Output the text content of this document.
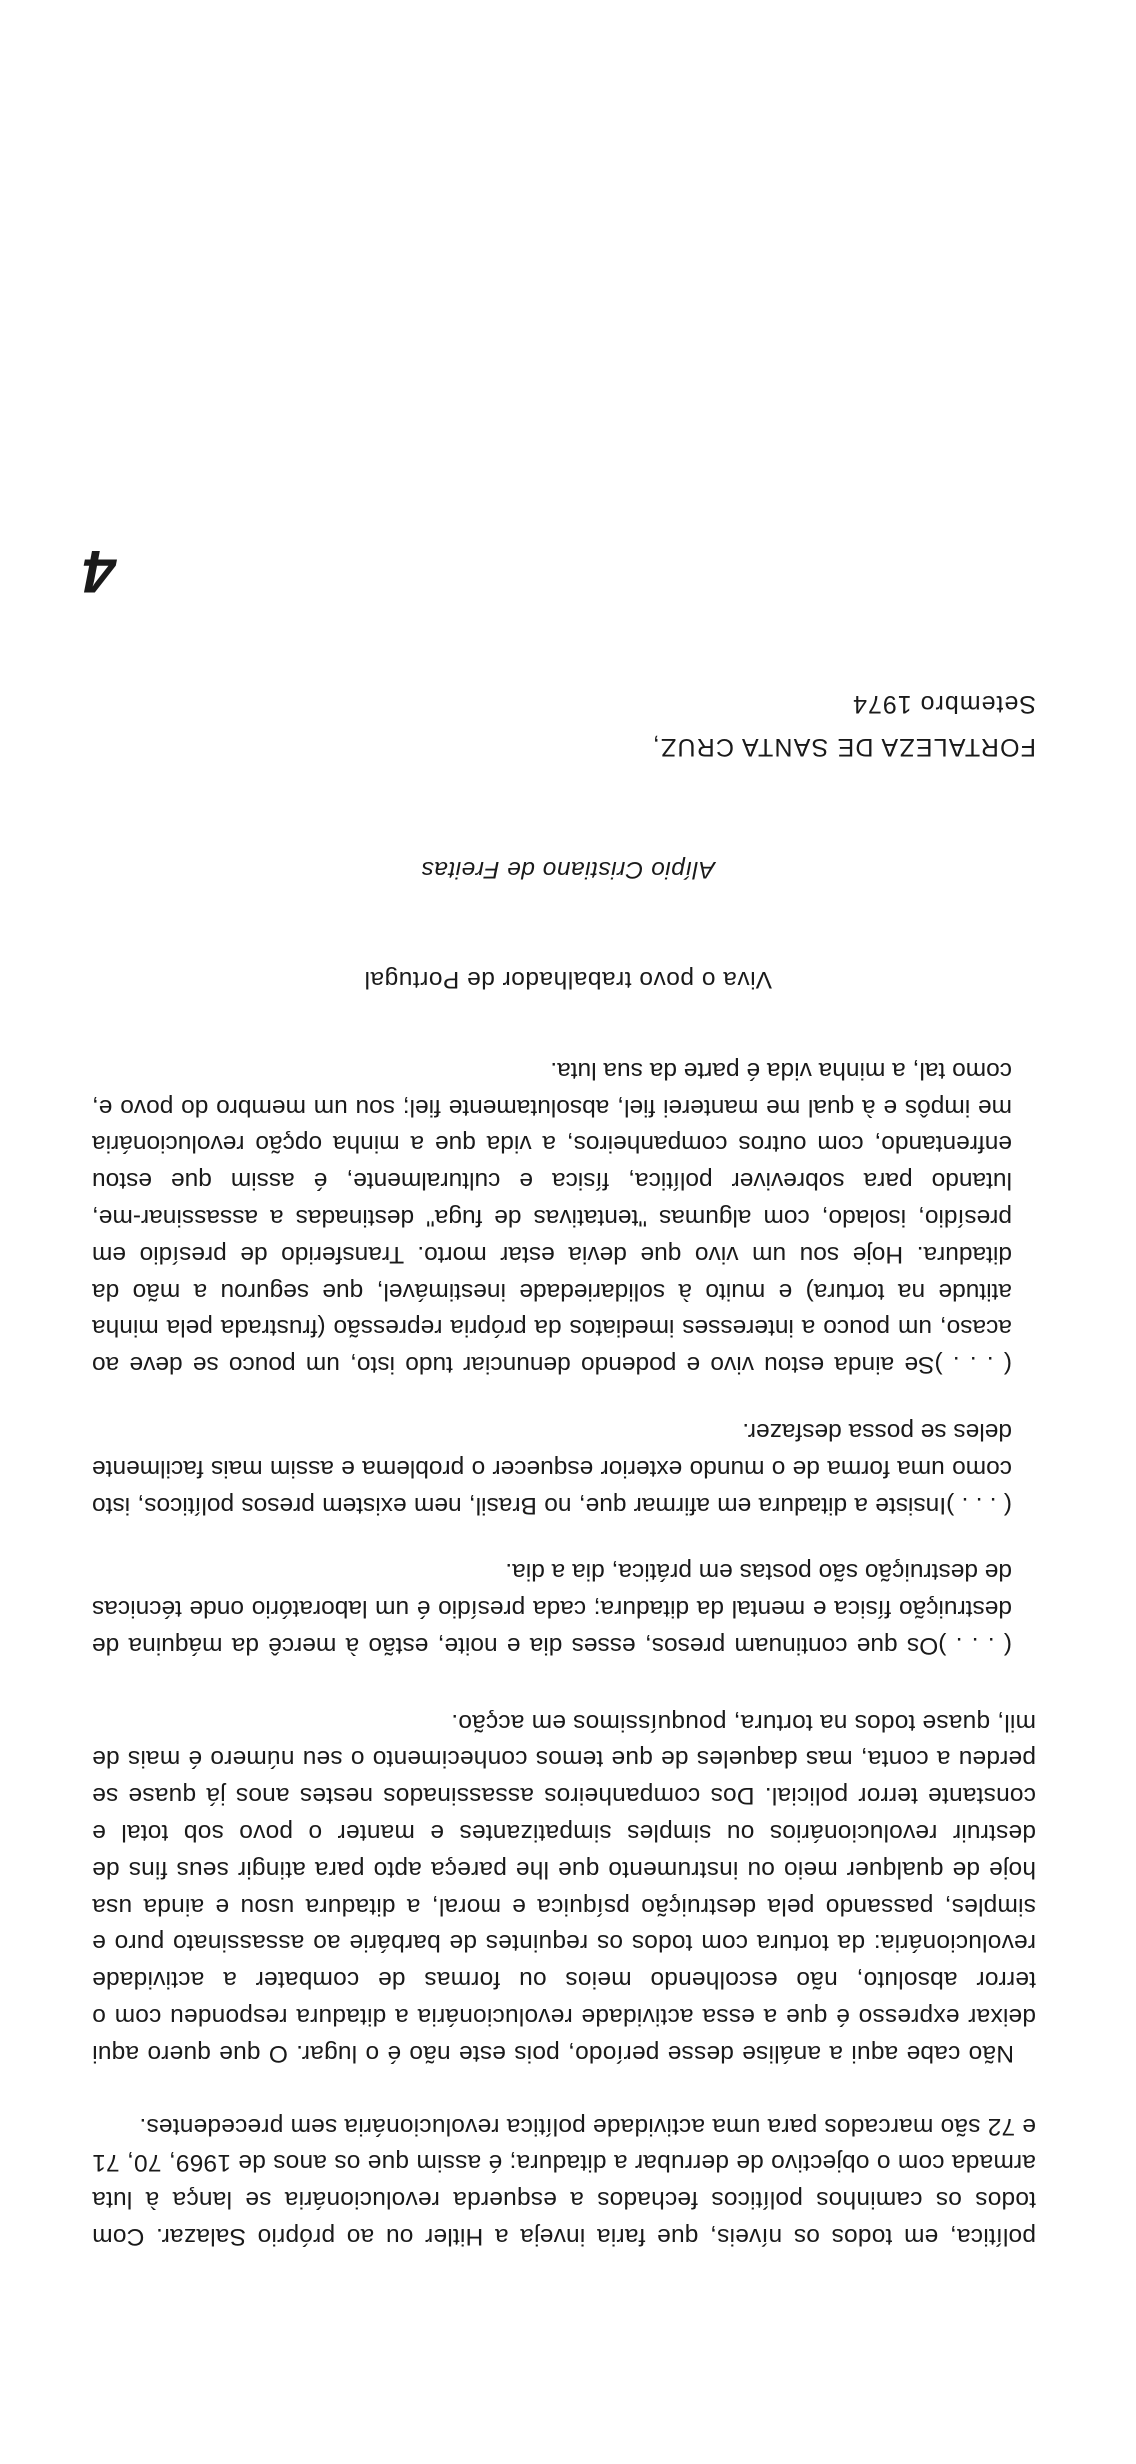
política, em todos os níveis, que faria inveja a Hitler ou ao próprio Salazar. Com todos os caminhos políticos fechados a esquerda revolucionária se lança à luta armada com o objectivo de derrubar a ditadura; é assim que os anos de 1969, 70, 71 e 72 são marcados para uma actividade política revolucionária sem precedentes.

Não cabe aqui a análise desse período, pois este não é o lugar. O que quero aqui deixar expresso é que a essa actividade revolucionária a ditadura respondeu com o terror absoluto, não escolhendo meios ou formas de combater a actividade revolucionária: da tortura com todos os requintes de barbárie ao assassinato puro e simples, passando pela destruição psíquica e moral, a ditadura usou e ainda usa hoje de qualquer meio ou instrumento que lhe pareça apto para atingir seus fins de destruir revolucionários ou simples simpatizantes e manter o povo sob total e constante terror policial. Dos companheiros assassinados nestes anos já quase se perdeu a conta, mas daqueles de que temos conhecimento o seu número é mais de mil, quase todos na tortura, pouquíssimos em acção.

4
Setembro 1974
FORTALEZA DE SANTA CRUZ,
Alípio Cristiano de Freitas
Viva o povo trabalhador de Portugal

( . . . )Os que continuam presos, esses dia e noite, estão à mercê da máquina de destruição física e mental da ditadura; cada presídio é um laboratório onde técnicas de destruição são postas em prática, dia a dia.

( . . . )Insiste a ditadura em afirmar que, no Brasil, nem existem presos políticos, isto como uma forma de o mundo exterior esquecer o problema e assim mais facilmente deles se possa desfazer.

( . . . )Se ainda estou vivo e podendo denunciar tudo isto, um pouco se deve ao acaso, um pouco a interesses imediatos da própria repressão (frustrada pela minha atitude na tortura) e muito à solidariedade inestimável, que segurou a mão da ditadura. Hoje sou um vivo que devia estar morto. Transferido de presídio em presídio, isolado, com algumas "tentativas de fuga" destinadas a assassinar-me, lutando para sobreviver política, física e culturalmente, é assim que estou enfrentando, com outros companheiros, a vida que a minha opção revolucionária me impôs e à qual me manterei fiel, absolutamente fiel; sou um membro do povo e, como tal, a minha vida é parte da sua luta.
